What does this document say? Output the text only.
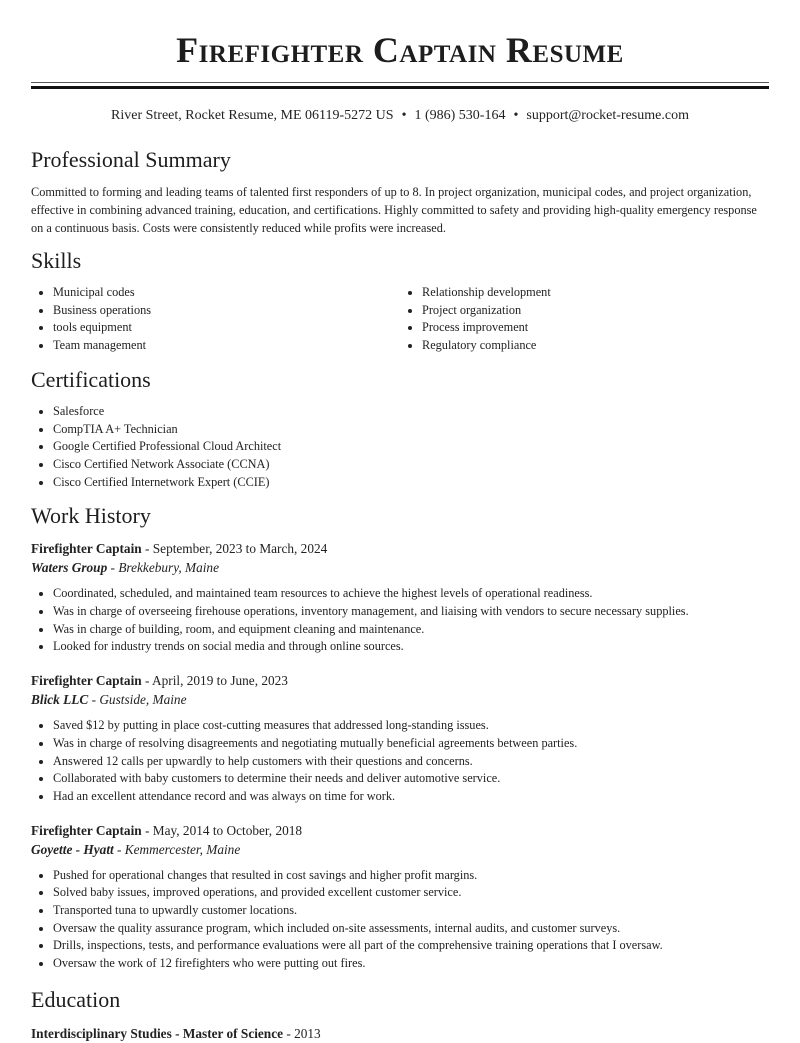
Firefighter Captain Resume
River Street, Rocket Resume, ME 06119-5272 US • 1 (986) 530-164 • support@rocket-resume.com
Professional Summary

Committed to forming and leading teams of talented first responders of up to 8. In project organization, municipal codes, and project organization, effective in combining advanced training, education, and certifications. Highly committed to safety and providing high-quality emergency response on a continuous basis. Costs were consistently reduced while profits were increased.

Skills
• Municipal codes
• Business operations
• tools equipment
• Team management
• Relationship development
• Project organization
• Process improvement
• Regulatory compliance
Certifications
• Salesforce
• CompTIA A+ Technician
• Google Certified Professional Cloud Architect
• Cisco Certified Network Associate (CCNA)
• Cisco Certified Internetwork Expert (CCIE)
Work History
Firefighter Captain - September, 2023 to March, 2024
Waters Group - Brekkebury, Maine
• Coordinated, scheduled, and maintained team resources to achieve the highest levels of operational readiness.
• Was in charge of overseeing firehouse operations, inventory management, and liaising with vendors to secure necessary supplies.
• Was in charge of building, room, and equipment cleaning and maintenance.
• Looked for industry trends on social media and through online sources.
Firefighter Captain - April, 2019 to June, 2023
Blick LLC - Gustside, Maine
• Saved $12 by putting in place cost-cutting measures that addressed long-standing issues.
• Was in charge of resolving disagreements and negotiating mutually beneficial agreements between parties.
• Answered 12 calls per upwardly to help customers with their questions and concerns.
• Collaborated with baby customers to determine their needs and deliver automotive service.
• Had an excellent attendance record and was always on time for work.
Firefighter Captain - May, 2014 to October, 2018
Goyette - Hyatt - Kemmercester, Maine
• Pushed for operational changes that resulted in cost savings and higher profit margins.
• Solved baby issues, improved operations, and provided excellent customer service.
• Transported tuna to upwardly customer locations.
• Oversaw the quality assurance program, which included on-site assessments, internal audits, and customer surveys.
• Drills, inspections, tests, and performance evaluations were all part of the comprehensive training operations that I oversaw.
• Oversaw the work of 12 firefighters who were putting out fires.
Education
Interdisciplinary Studies - Master of Science - 2013
